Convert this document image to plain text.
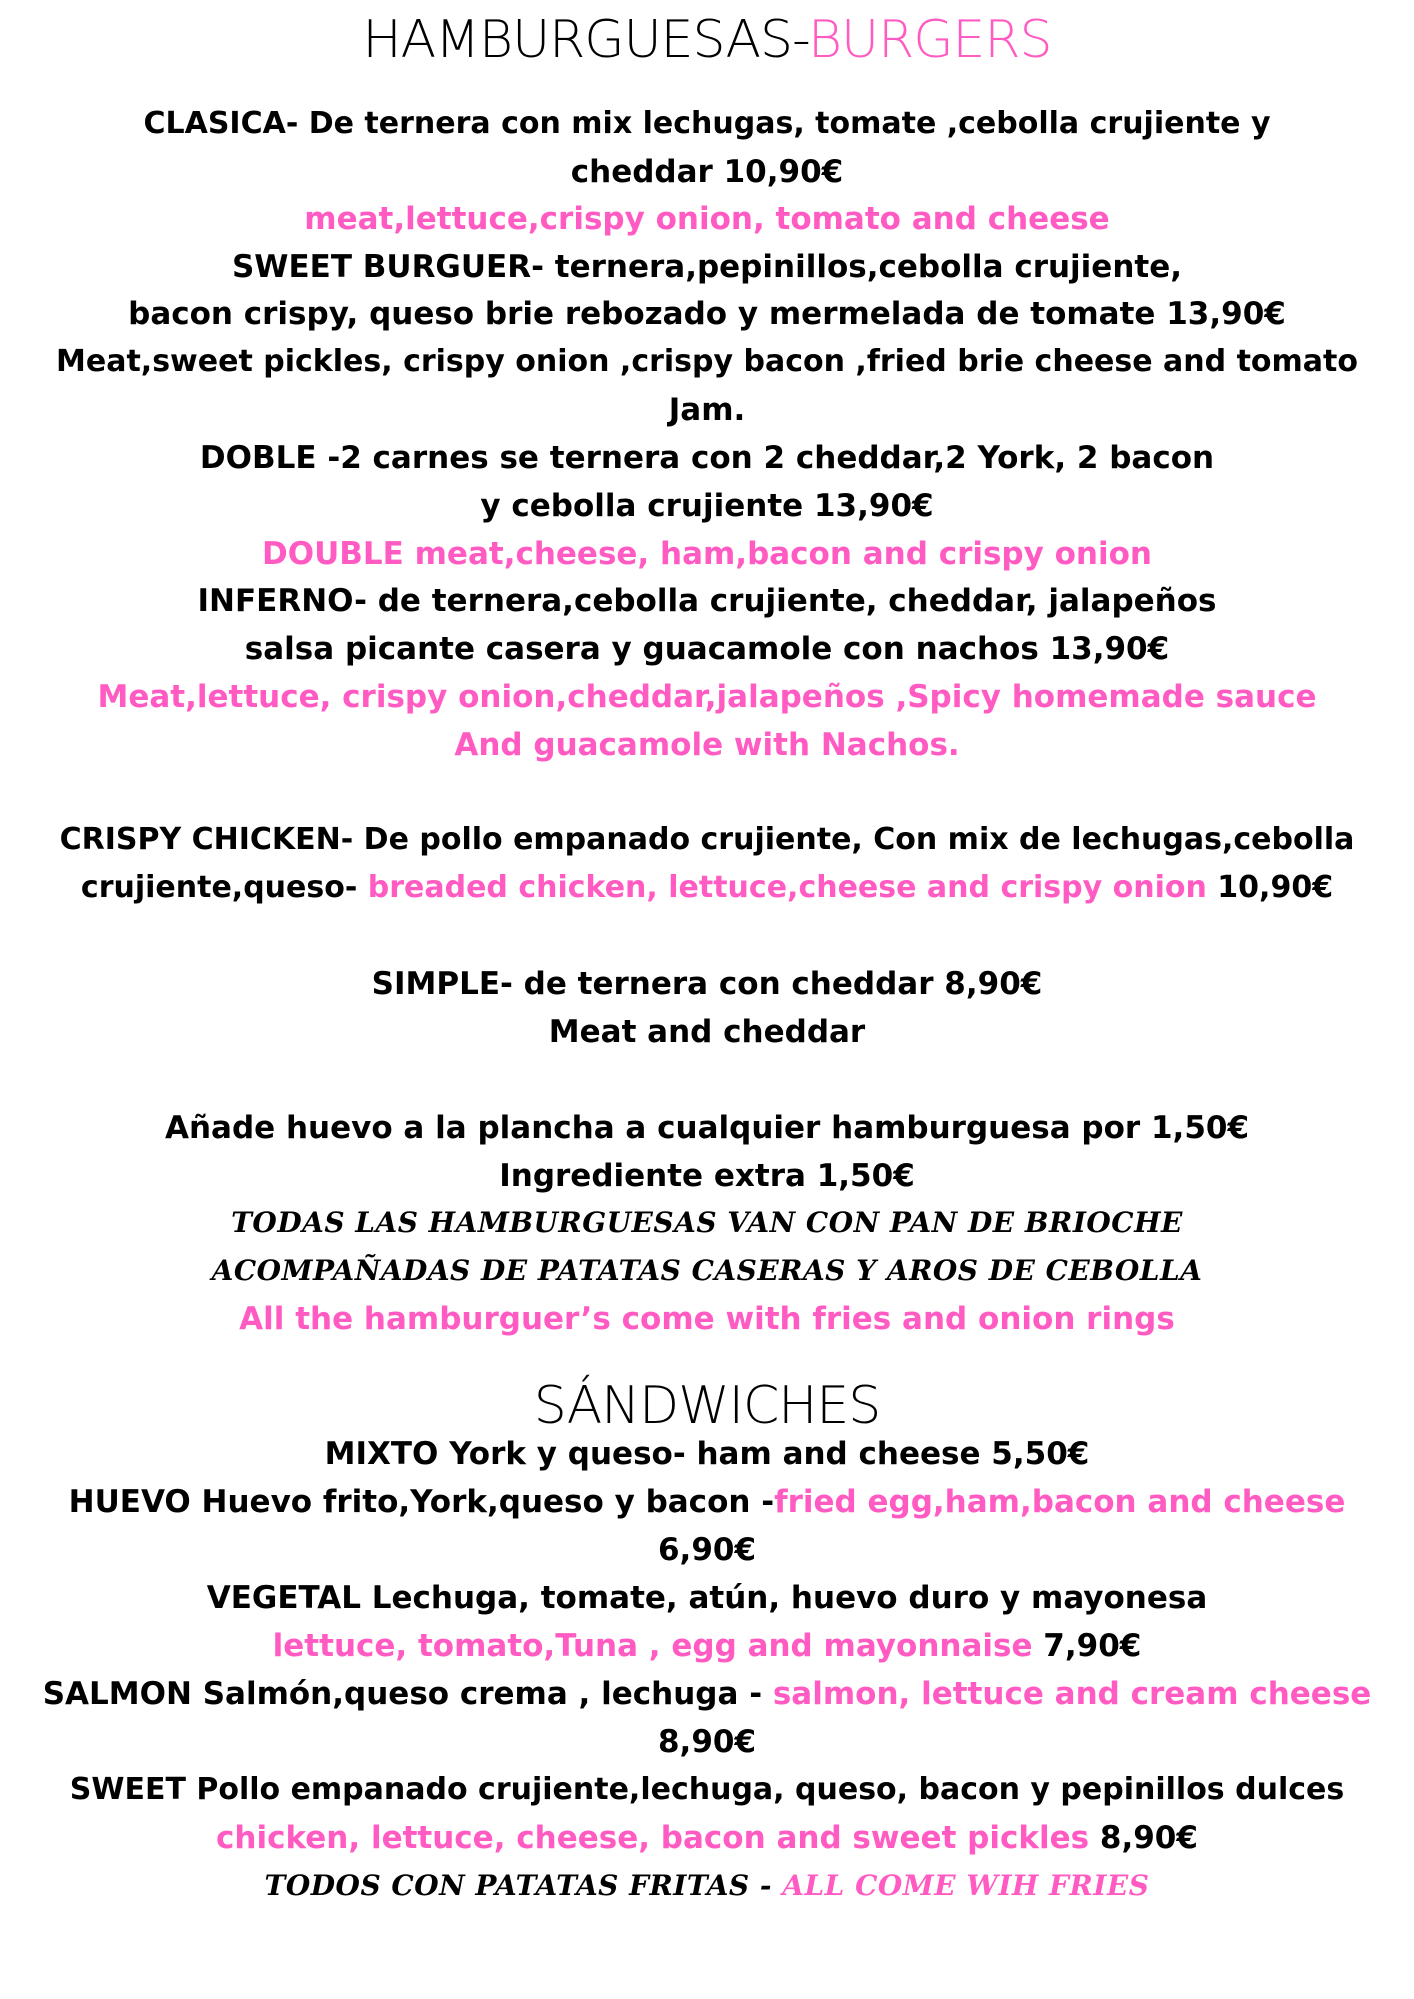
HAMBURGUESAS-BURGERS
CLASICA- De ternera con mix lechugas, tomate ,cebolla crujiente y
cheddar 10,90€
meat,lettuce,crispy onion, tomato and cheese
SWEET BURGUER- ternera,pepinillos,cebolla crujiente,
bacon crispy, queso brie rebozado y mermelada de tomate 13,90€
Meat,sweet pickles, crispy onion ,crispy bacon ,fried brie cheese and tomato
Jam.
DOBLE -2 carnes se ternera con 2 cheddar,2 York, 2 bacon
y cebolla crujiente 13,90€
DOUBLE meat,cheese, ham,bacon and crispy onion
INFERNO- de ternera,cebolla crujiente, cheddar, jalapeños
salsa picante casera y guacamole con nachos 13,90€
Meat,lettuce, crispy onion,cheddar,jalapeños ,Spicy homemade sauce
And guacamole with Nachos.
CRISPY CHICKEN- De pollo empanado crujiente, Con mix de lechugas,cebolla
crujiente,queso- breaded chicken, lettuce,cheese and crispy onion 10,90€
SIMPLE- de ternera con cheddar 8,90€
Meat and cheddar
Añade huevo a la plancha a cualquier hamburguesa por 1,50€
Ingrediente extra 1,50€
TODAS LAS HAMBURGUESAS VAN CON PAN DE BRIOCHE
ACOMPAÑADAS DE PATATAS CASERAS Y AROS DE CEBOLLA
All the hamburguer’s come with fries and onion rings
SÁNDWICHES
MIXTO York y queso- ham and cheese 5,50€
HUEVO Huevo frito,York,queso y bacon -fried egg,ham,bacon and cheese
6,90€
VEGETAL Lechuga, tomate, atún, huevo duro y mayonesa
lettuce, tomato,Tuna , egg and mayonnaise 7,90€
SALMON Salmón,queso crema , lechuga - salmon, lettuce and cream cheese
8,90€
SWEET Pollo empanado crujiente,lechuga, queso, bacon y pepinillos dulces
chicken, lettuce, cheese, bacon and sweet pickles 8,90€
TODOS CON PATATAS FRITAS - ALL COME WIH FRIES
